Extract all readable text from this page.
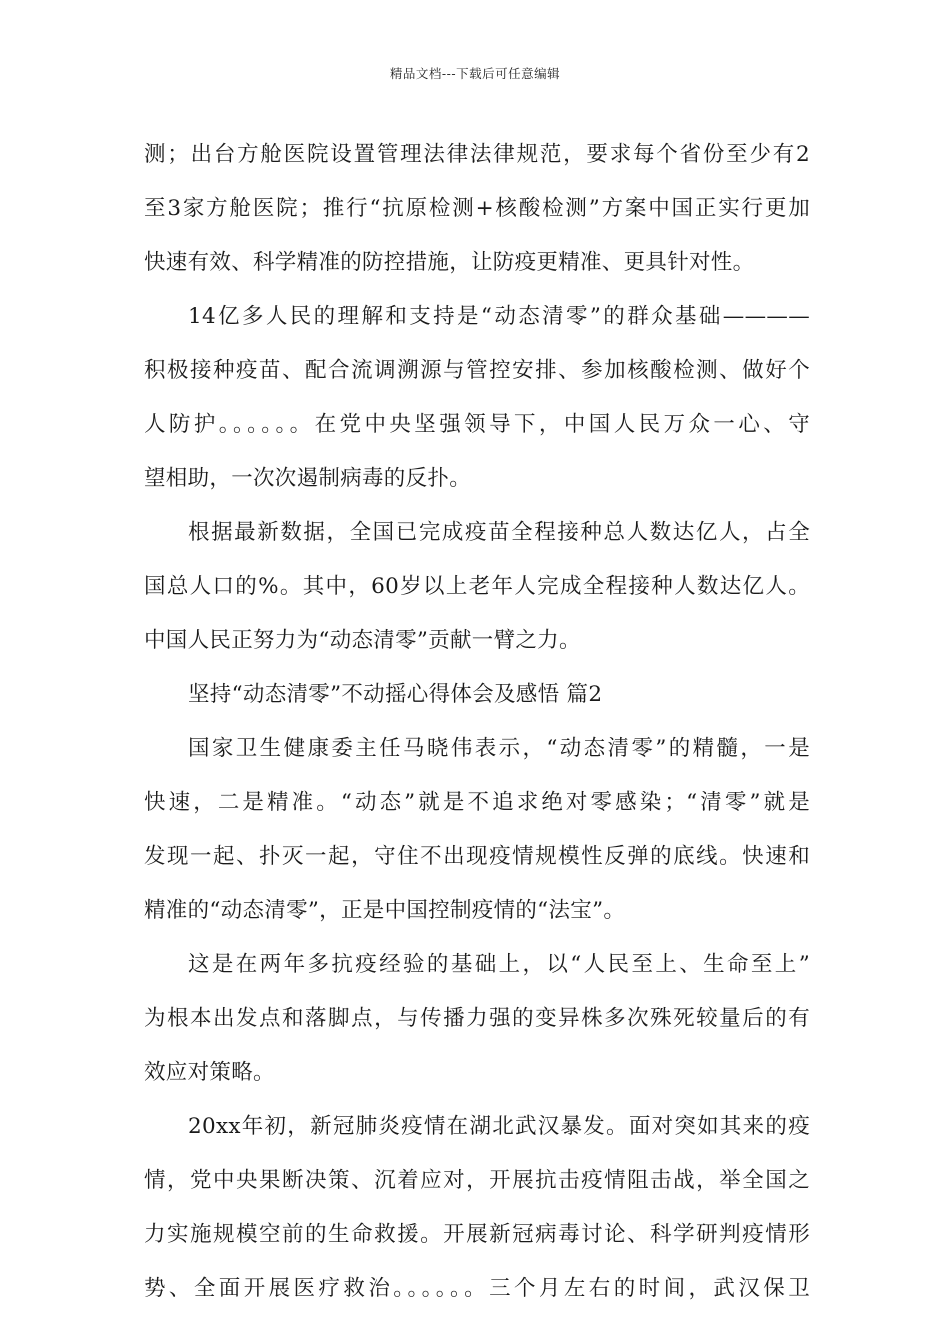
精品文档---下载后可任意编辑
测；出台方舱医院设置管理法律法律规范，要求每个省份至少有2
至3家方舱医院；推行“抗原检测+核酸检测”方案中国正实行更加
快速有效、科学精准的防控措施，让防疫更精准、更具针对性。
14亿多人民的理解和支持是“动态清零”的群众基础————
积极接种疫苗、配合流调溯源与管控安排、参加核酸检测、做好个
人防护。。。。。。在党中央坚强领导下，中国人民万众一心、守
望相助，一次次遏制病毒的反扑。
根据最新数据，全国已完成疫苗全程接种总人数达亿人，占全
国总人口的%。其中，60岁以上老年人完成全程接种人数达亿人。
中国人民正努力为“动态清零”贡献一臂之力。
坚持“动态清零”不动摇心得体会及感悟 篇2
国家卫生健康委主任马晓伟表示，“动态清零”的精髓，一是
快速，二是精准。“动态”就是不追求绝对零感染；“清零”就是
发现一起、扑灭一起，守住不出现疫情规模性反弹的底线。快速和
精准的“动态清零”，正是中国控制疫情的“法宝”。
这是在两年多抗疫经验的基础上，以“人民至上、生命至上”
为根本出发点和落脚点，与传播力强的变异株多次殊死较量后的有
效应对策略。
20xx年初，新冠肺炎疫情在湖北武汉暴发。面对突如其来的疫
情，党中央果断决策、沉着应对，开展抗击疫情阻击战，举全国之
力实施规模空前的生命救援。开展新冠病毒讨论、科学研判疫情形
势、全面开展医疗救治。。。。。。三个月左右的时间，武汉保卫
